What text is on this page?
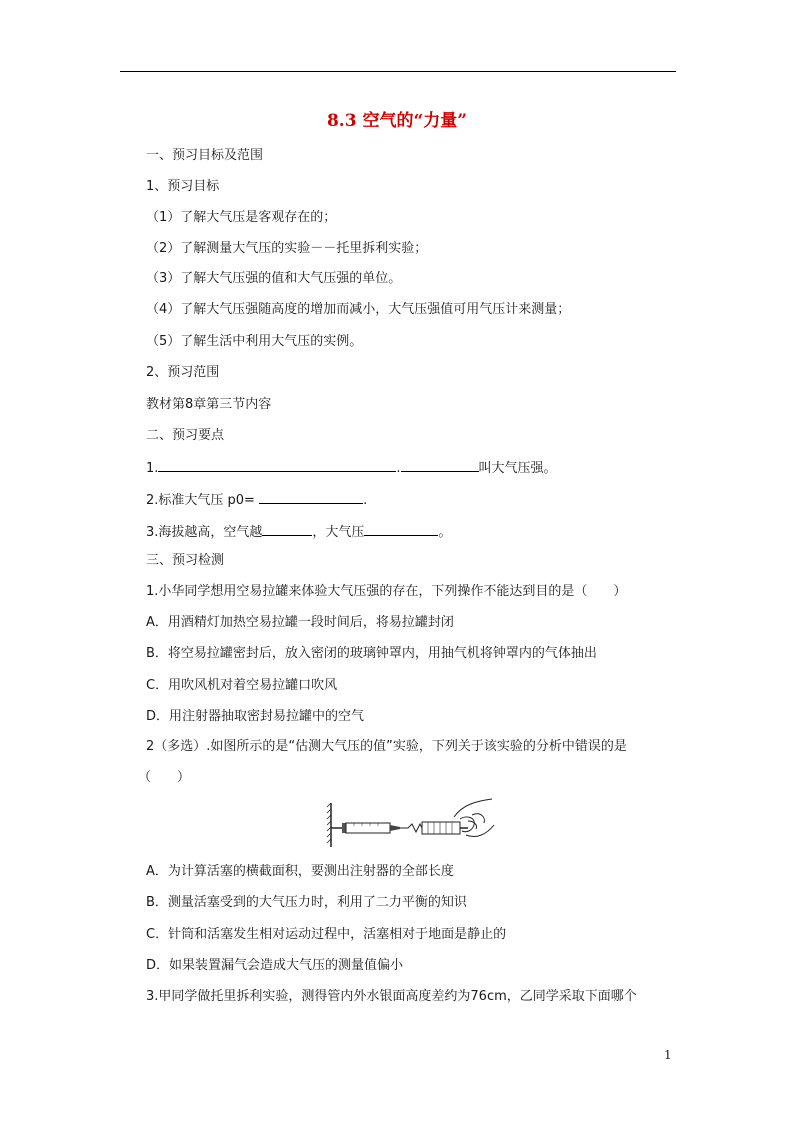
8.3 空气的“力量”
一、预习目标及范围
1、预习目标
（1）了解大气压是客观存在的；
（2）了解测量大气压的实验－－托里拆利实验；
（3）了解大气压强的值和大气压强的单位。
（4）了解大气压强随高度的增加而减小，大气压强值可用气压计来测量；
（5）了解生活中利用大气压的实例。
2、预习范围
教材第8章第三节内容
二、预习要点
1.	.	叫大气压强。
2.标准大气压 p0=	.
3.海拔越高，空气越	，大气压	。
三、预习检测
1.小华同学想用空易拉罐来体验大气压强的存在，下列操作不能达到目的是（　　）
A．用酒精灯加热空易拉罐一段时间后，将易拉罐封闭
B．将空易拉罐密封后，放入密闭的玻璃钟罩内，用抽气机将钟罩内的气体抽出
C．用吹风机对着空易拉罐口吹风
D．用注射器抽取密封易拉罐中的空气
2（多选）.如图所示的是“估测大气压的值”实验，下列关于该实验的分析中错误的是
（　　）
A．为计算活塞的横截面积，要测出注射器的全部长度
B．测量活塞受到的大气压力时，利用了二力平衡的知识
C．针筒和活塞发生相对运动过程中，活塞相对于地面是静止的
D．如果装置漏气会造成大气压的测量值偏小
3.甲同学做托里拆利实验，测得管内外水银面高度差约为76cm，乙同学采取下面哪个
1
